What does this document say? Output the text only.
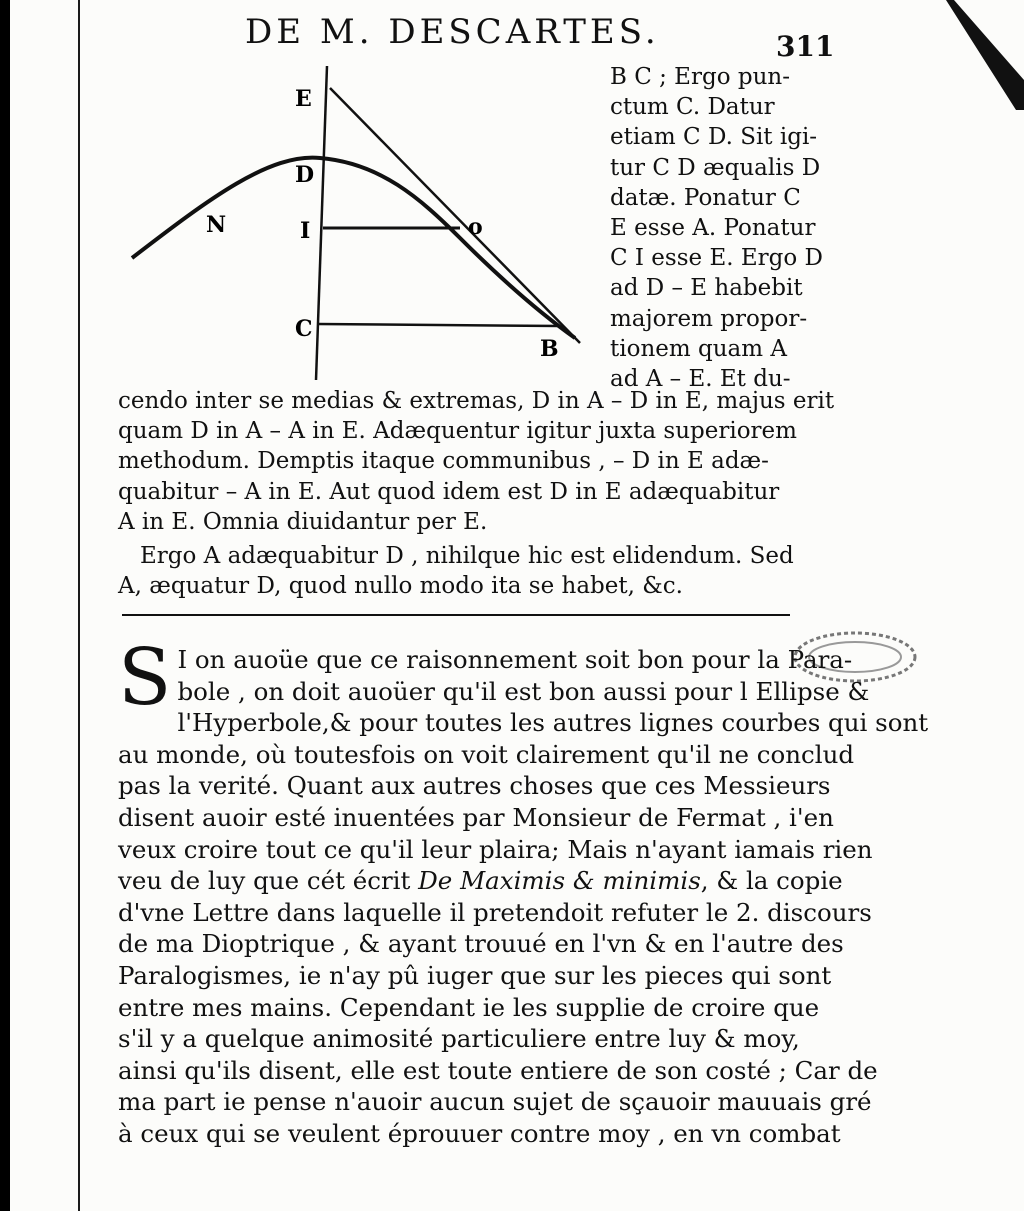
DE M. DESCARTES.	311
E
D
N	I	o
C
B
B C ; Ergo pun-
ctum C. Datur
etiam C D. Sit igi-
tur C D æqualis D
datæ. Ponatur C
E esse A. Ponatur
C I esse E. Ergo D
ad D – E habebit
majorem propor-
tionem quam A
ad A – E. Et du-
cendo inter se medias & extremas, D in A – D in E, majus erit
quam D in A – A in E. Adæquentur igitur juxta superiorem
methodum. Demptis itaque communibus , – D in E adæ-
quabitur – A in E. Aut quod idem est D in E adæquabitur
A in E. Omnia diuidantur per E.
Ergo A adæquabitur D , nihilque hic est elidendum. Sed
A, æquatur D, quod nullo modo ita se habet, &c.
S I on auoüe que ce raisonnement soit bon pour la Para-
bole , on doit auoüer qu'il est bon aussi pour l Ellipse &
l'Hyperbole,& pour toutes les autres lignes courbes qui sont
au monde, où toutesfois on voit clairement qu'il ne conclud
pas la verité. Quant aux autres choses que ces Messieurs
disent auoir esté inuentées par Monsieur de Fermat , i'en
veux croire tout ce qu'il leur plaira; Mais n'ayant iamais rien
veu de luy que cét écrit De Maximis & minimis, & la copie
d'vne Lettre dans laquelle il pretendoit refuter le 2. discours
de ma Dioptrique , & ayant trouué en l'vn & en l'autre des
Paralogismes, ie n'ay pû iuger que sur les pieces qui sont
entre mes mains. Cependant ie les supplie de croire que
s'il y a quelque animosité particuliere entre luy & moy,
ainsi qu'ils disent, elle est toute entiere de son costé ; Car de
ma part ie pense n'auoir aucun sujet de sçauoir mauuais gré
à ceux qui se veulent éprouuer contre moy , en vn combat
